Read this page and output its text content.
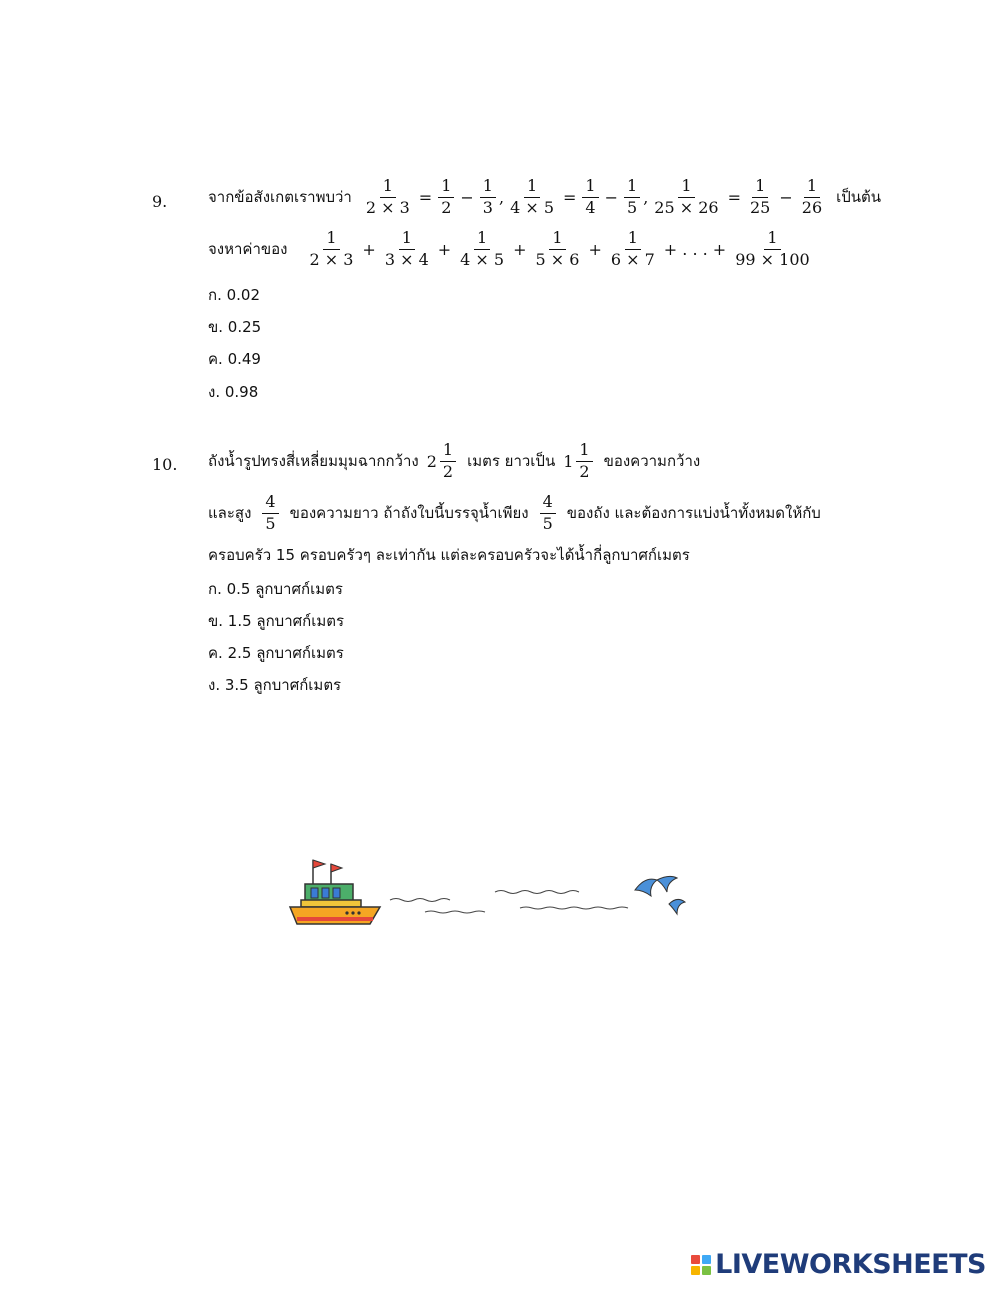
9.	จากข้อสังเกตเราพบว่า $\frac{1}{2 \times 3} = \frac{1}{2} - \frac{1}{3}$ , $\frac{1}{4 \times 5} = \frac{1}{4} - \frac{1}{5}$ , $\frac{1}{25 \times 26} = \frac{1}{25} - \frac{1}{26}$ เป็นต้น
จงหาค่าของ $\frac{1}{2 \times 3} + \frac{1}{3 \times 4} + \frac{1}{4 \times 5} + \frac{1}{5 \times 6} + \frac{1}{6 \times 7}$ + . . . + $\frac{1}{99 \times 100}$
ก. 0.02
ข. 0.25
ค. 0.49
ง. 0.98
10. ถังน้ำรูปทรงสี่เหลี่ยมมุมฉากกว้าง $2 \frac{1}{2}$ เมตร ยาวเป็น $1 \frac{1}{2}$ ของความกว้าง
และสูง $\frac{4}{5}$ ของความยาว ถ้าถังใบนี้บรรจุน้ำเพียง $\frac{4}{5}$ ของถัง และต้องการแบ่งน้ำทั้งหมดให้กับ
ครอบครัว 15 ครอบครัวๆ ละเท่ากัน แต่ละครอบครัวจะได้น้ำกี่ลูกบาศก์เมตร
ก. 0.5 ลูกบาศก์เมตร
ข. 1.5 ลูกบาศก์เมตร
ค. 2.5 ลูกบาศก์เมตร
ง. 3.5 ลูกบาศก์เมตร
LIVEWORKSHEETS
